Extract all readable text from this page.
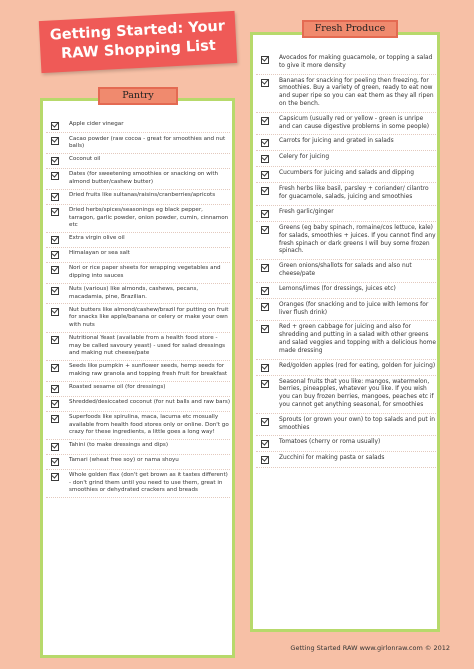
Getting Started: Your
RAW Shopping List
Pantry
Fresh Produce
Apple cider vinegar
Cacao powder (raw cocoa - great for smoothies and nut balls)
Coconut oil
Dates (for sweetening smoothies or snacking on with almond butter/cashew butter)
Dried fruits like sultanas/raisins/cranberries/apricots
Dried herbs/spices/seasonings eg black pepper, tarragon, garlic powder, onion powder, cumin, cinnamon etc
Extra virgin olive oil
Himalayan or sea salt
Nori or rice paper sheets for wrapping vegetables and dipping into sauces
Nuts (various) like almonds, cashews, pecans, macadamia, pine, Brazilian.
Nut butters like almond/cashew/brazil for putting on fruit for snacks like apple/banana or celery or make your own with nuts
Nutritional Yeast (available from a health food store - may be called savoury yeast) - used for salad dressings and making nut cheese/pate
Seeds like pumpkin + sunflower seeds, hemp seeds for making raw granola and topping fresh fruit for breakfast
Roasted sesame oil (for dressings)
Shredded/desiccated coconut (for nut balls and raw bars)
Superfoods like spirulina, maca, lacuma etc mosually available from health food stores only or online. Don't go crazy for these ingredients, a little goes a long way!
Tahini (to make dressings and dips)
Tamari (wheat free soy) or nama shoyu
Whole golden flax (don't get brown as it tastes different) - don't grind them until you need to use them, great in smoothies or dehydrated crackers and breads
Avocados for making guacamole, or topping a salad to give it more density
Bananas for snacking for peeling then freezing, for smoothies. Buy a variety of green, ready to eat now and super ripe so you can eat them as they all ripen on the bench.
Capsicum (usually red or yellow - green is unripe and can cause digestive problems in some people)
Carrots for juicing and grated in salads
Celery for juicing
Cucumbers for juicing and salads and dipping
Fresh herbs like basil, parsley + coriander/ cilantro for guacamole, salads, juicing and smoothies
Fresh garlic/ginger
Greens (eg baby spinach, romaine/cos lettuce, kale) for salads, smoothies + juices. If you cannot find any fresh spinach or dark greens I will buy some frozen spinach.
Green onions/shallots for salads and also nut cheese/pate
Lemons/limes (for dressings, juices etc)
Oranges (for snacking and to juice with lemons for liver flush drink)
Red + green cabbage for juicing and also for shredding and putting in a salad with other greens and salad veggies and topping with a delicious home made dressing
Red/golden apples (red for eating, golden for juicing)
Seasonal fruits that you like: mangos, watermelon, berries, pineapples, whatever you like. If you wish you can buy frozen berries, mangoes, peaches etc if you cannot get anything seasonal, for smoothies
Sprouts (or grown your own) to top salads and put in smoothies
Tomatoes (cherry or roma usually)
Zucchini for making pasta or salads
Getting Started RAW www.girlonraw.com © 2012
